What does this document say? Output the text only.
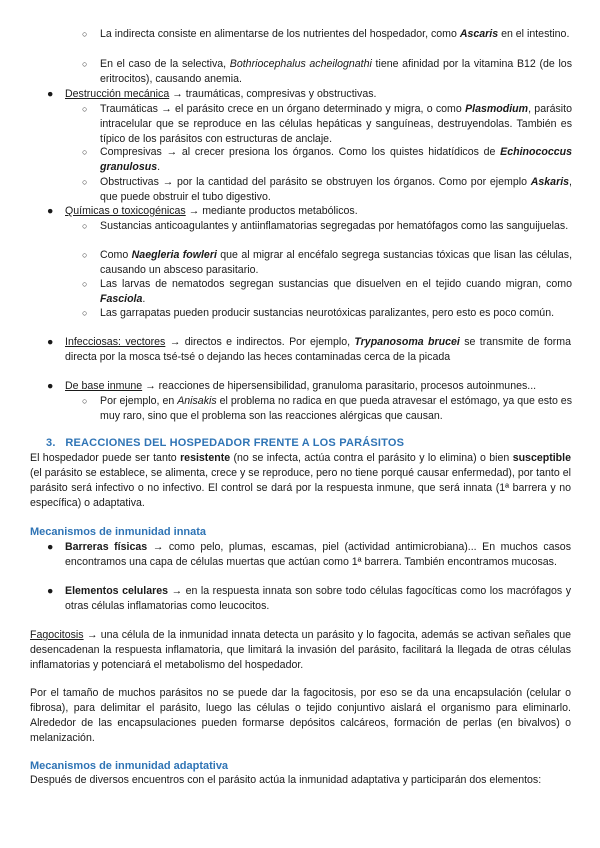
○ La indirecta consiste en alimentarse de los nutrientes del hospedador, como Ascaris en el intestino.
○ En el caso de la selectiva, Bothriocephalus acheilognathi tiene afinidad por la vitamina B12 (de los eritrocitos), causando anemia.
●	Destrucción mecánica → traumáticas, compresivas y obstructivas.
○ Traumáticas → el parásito crece en un órgano determinado y migra, o como Plasmodium, parásito intracelular que se reproduce en las células hepáticas y sanguíneas, destruyendolas. También es típico de los parásitos con estructuras de anclaje.
○ Compresivas → al crecer presiona los órganos. Como los quistes hidatídicos de Echinococcus granulosus.
○ Obstructivas → por la cantidad del parásito se obstruyen los órganos. Como por ejemplo Askaris, que puede obstruir el tubo digestivo.
●	Químicas o toxicogénicas → mediante productos metabólicos.
○ Sustancias anticoagulantes y antiinflamatorias segregadas por hematófagos como las sanguijuelas.
○ Como Naegleria fowleri que al migrar al encéfalo segrega sustancias tóxicas que lisan las células, causando un absceso parasitario.
○ Las larvas de nematodos segregan sustancias que disuelven en el tejido cuando migran, como Fasciola.
○ Las garrapatas pueden producir sustancias neurotóxicas paralizantes, pero esto es poco común.
●	Infecciosas: vectores → directos e indirectos. Por ejemplo, Trypanosoma brucei se transmite de forma directa por la mosca tsé-tsé o dejando las heces contaminadas cerca de la picada
●	De base inmune → reacciones de hipersensibilidad, granuloma parasitario, procesos autoinmunes...
○ Por ejemplo, en Anisakis el problema no radica en que pueda atravesar el estómago, ya que esto es muy raro, sino que el problema son las reacciones alérgicas que causan.
3. REACCIONES DEL HOSPEDADOR FRENTE A LOS PARÁSITOS
El hospedador puede ser tanto resistente (no se infecta, actúa contra el parásito y lo elimina) o bien susceptible (el parásito se establece, se alimenta, crece y se reproduce, pero no tiene porqué causar enfermedad), por tanto el parásito será infectivo o no infectivo. El control se dará por la respuesta inmune, que será innata (1ª barrera y no específica) o adaptativa.
Mecanismos de inmunidad innata
●	Barreras físicas → como pelo, plumas, escamas, piel (actividad antimicrobiana)... En muchos casos encontramos una capa de células muertas que actúan como 1ª barrera. También encontramos mucosas.
●	Elementos celulares → en la respuesta innata son sobre todo células fagocíticas como los macrófagos y otras células inflamatorias como leucocitos.
Fagocitosis → una célula de la inmunidad innata detecta un parásito y lo fagocita, además se activan señales que desencadenan la respuesta inflamatoria, que limitará la invasión del parásito, facilitará la llegada de otras células inflamatorias y potenciará el metabolismo del hospedador.
Por el tamaño de muchos parásitos no se puede dar la fagocitosis, por eso se da una encapsulación (celular o fibrosa), para delimitar el parásito, luego las células o tejido conjuntivo aislará el organismo para eliminarlo. Alrededor de las encapsulaciones pueden formarse depósitos calcáreos, formación de perlas (en bivalvos) o melanización.
Mecanismos de inmunidad adaptativa
Después de diversos encuentros con el parásito actúa la inmunidad adaptativa y participarán dos elementos:
